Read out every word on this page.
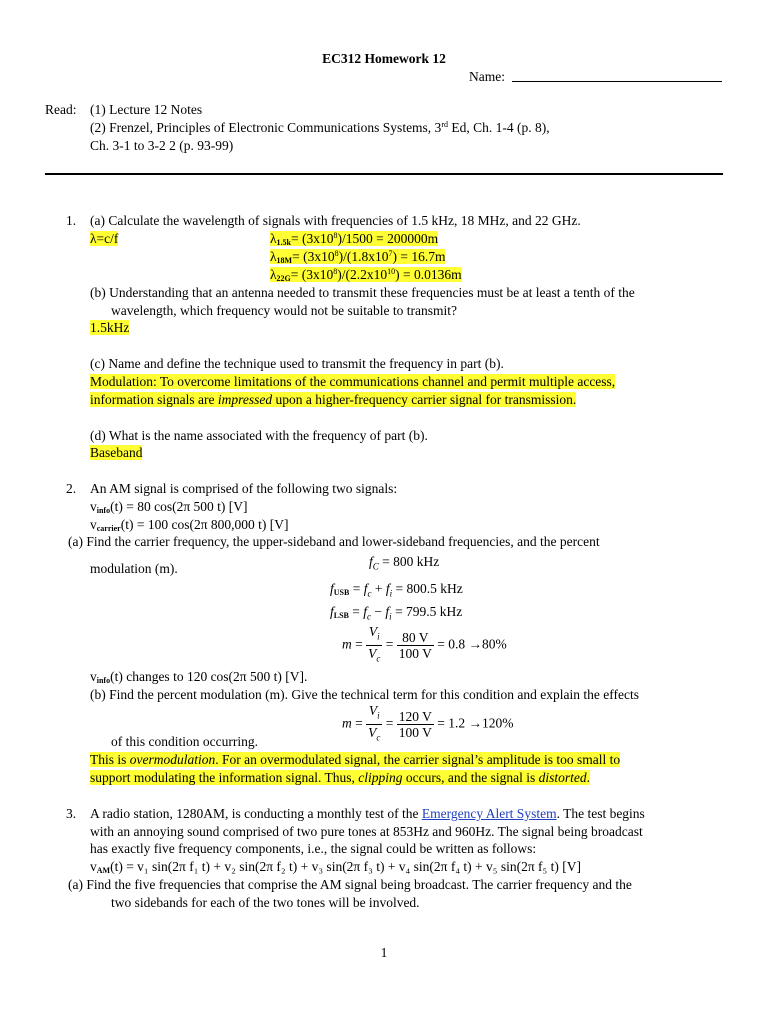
EC312 Homework 12
Name:
Read: (1) Lecture 12 Notes
(2) Frenzel, Principles of Electronic Communications Systems, 3rd Ed, Ch. 1-4 (p. 8),
Ch. 3-1 to 3-2 2 (p. 93-99)
1. (a) Calculate the wavelength of signals with frequencies of 1.5 kHz, 18 MHz, and 22 GHz.
λ=c/f	$\lambda_{1.5k}= (3x10^8)/1500 = 200000m$
$\lambda_{18M}= (3x10^8)/(1.8x10^7) = 16.7m$
$\lambda_{22G}= (3x10^8)/(2.2x10^{10}) = 0.0136m$
(b) Understanding that an antenna needed to transmit these frequencies must be at least a tenth of the
wavelength, which frequency would not be suitable to transmit?
1.5kHz
(c) Name and define the technique used to transmit the frequency in part (b).
Modulation: To overcome limitations of the communications channel and permit multiple access,
information signals are impressed upon a higher-frequency carrier signal for transmission.
(d) What is the name associated with the frequency of part (b).
Baseband
2. An AM signal is comprised of the following two signals:
$v_{info}(t) = 80$ cos(2π 500 t) [V]
$v_{carrier}(t) = 100$ cos(2π 800,000 t) [V]
(a) Find the carrier frequency, the upper-sideband and lower-sideband frequencies, and the percent
modulation (m).	$f_C = 800$ kHz
$f_{USB} = f_c + f_i = 800.5$ kHz
$f_{LSB} = f_c - f_i = 799.5$ kHz
$m = \frac{V_i}{V_c} = \frac{80 V}{100 V} = 0.8 \to 80\%$
$v_{info}(t)$ changes to 120 cos(2π 500 t) [V].
(b) Find the percent modulation (m). Give the technical term for this condition and explain the effects
$m = \frac{V_i}{V_c} = \frac{120 V}{100 V} = 1.2 \to 120\%$
of this condition occurring.
This is overmodulation. For an overmodulated signal, the carrier signal’s amplitude is too small to
support modulating the information signal. Thus, clipping occurs, and the signal is distorted.
3. A radio station, 1280AM, is conducting a monthly test of the Emergency Alert System. The test begins
with an annoying sound comprised of two pure tones at 853Hz and 960Hz. The signal being broadcast
has exactly five frequency components, i.e., the signal could be written as follows:
$v_{AM}(t) = v_1$ sin(2π f₁ t) + v₂ sin(2π f₂ t) + v₃ sin(2π f₃ t) + v₄ sin(2π f₄ t) + v₅ sin(2π f₅ t) [V]
(a) Find the five frequencies that comprise the AM signal being broadcast. The carrier frequency and the
two sidebands for each of the two tones will be involved.
1
